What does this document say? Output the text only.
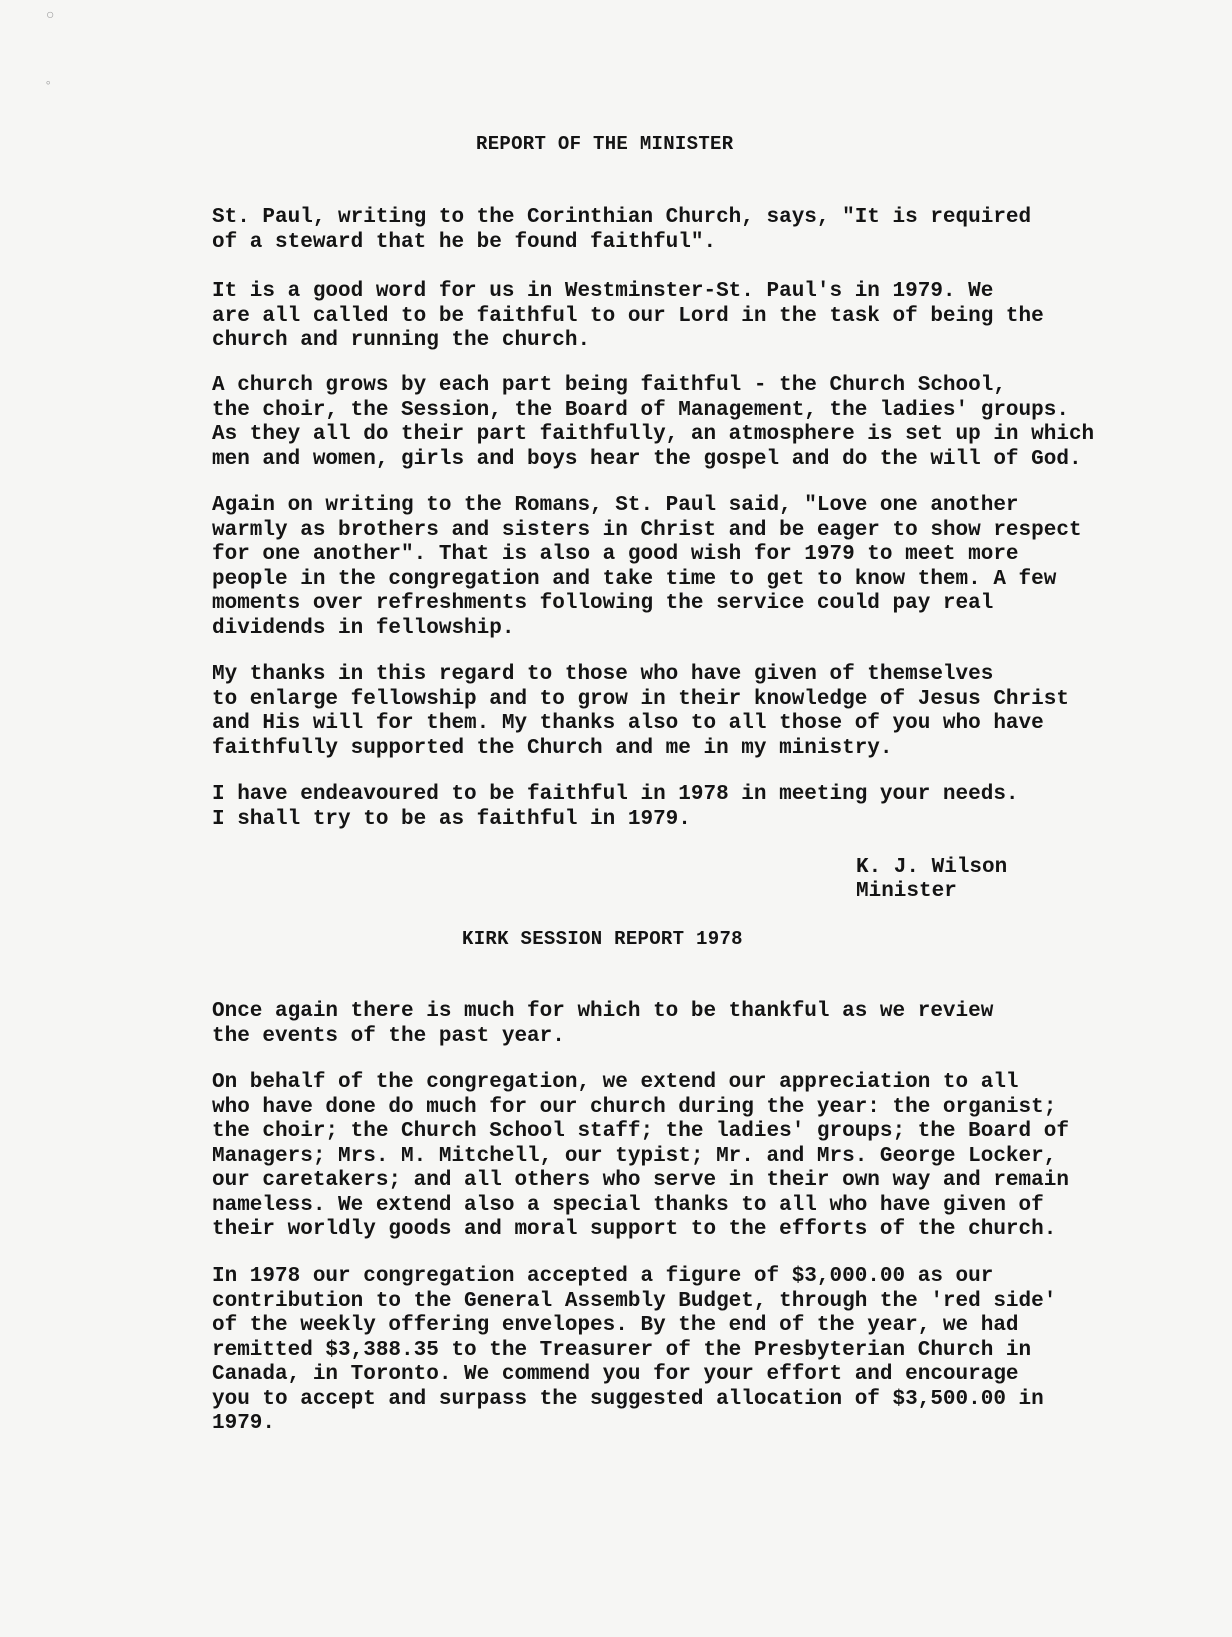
○
◦
REPORT OF THE MINISTER

St. Paul, writing to the Corinthian Church, says, "It is required
of a steward that he be found faithful".

It is a good word for us in Westminster-St. Paul's in 1979. We
are all called to be faithful to our Lord in the task of being the
church and running the church.

A church grows by each part being faithful - the Church School,
the choir, the Session, the Board of Management, the ladies' groups.
As they all do their part faithfully, an atmosphere is set up in which
men and women, girls and boys hear the gospel and do the will of God.

Again on writing to the Romans, St. Paul said, "Love one another
warmly as brothers and sisters in Christ and be eager to show respect
for one another". That is also a good wish for 1979 to meet more
people in the congregation and take time to get to know them. A few
moments over refreshments following the service could pay real
dividends in fellowship.

My thanks in this regard to those who have given of themselves
to enlarge fellowship and to grow in their knowledge of Jesus Christ
and His will for them. My thanks also to all those of you who have
faithfully supported the Church and me in my ministry.

I have endeavoured to be faithful in 1978 in meeting your needs.
I shall try to be as faithful in 1979.

K. J. Wilson
Minister
KIRK SESSION REPORT 1978

Once again there is much for which to be thankful as we review
the events of the past year.

On behalf of the congregation, we extend our appreciation to all
who have done do much for our church during the year: the organist;
the choir; the Church School staff; the ladies' groups; the Board of
Managers; Mrs. M. Mitchell, our typist; Mr. and Mrs. George Locker,
our caretakers; and all others who serve in their own way and remain
nameless. We extend also a special thanks to all who have given of
their worldly goods and moral support to the efforts of the church.

In 1978 our congregation accepted a figure of $3,000.00 as our
contribution to the General Assembly Budget, through the 'red side'
of the weekly offering envelopes. By the end of the year, we had
remitted $3,388.35 to the Treasurer of the Presbyterian Church in
Canada, in Toronto. We commend you for your effort and encourage
you to accept and surpass the suggested allocation of $3,500.00 in
1979.
